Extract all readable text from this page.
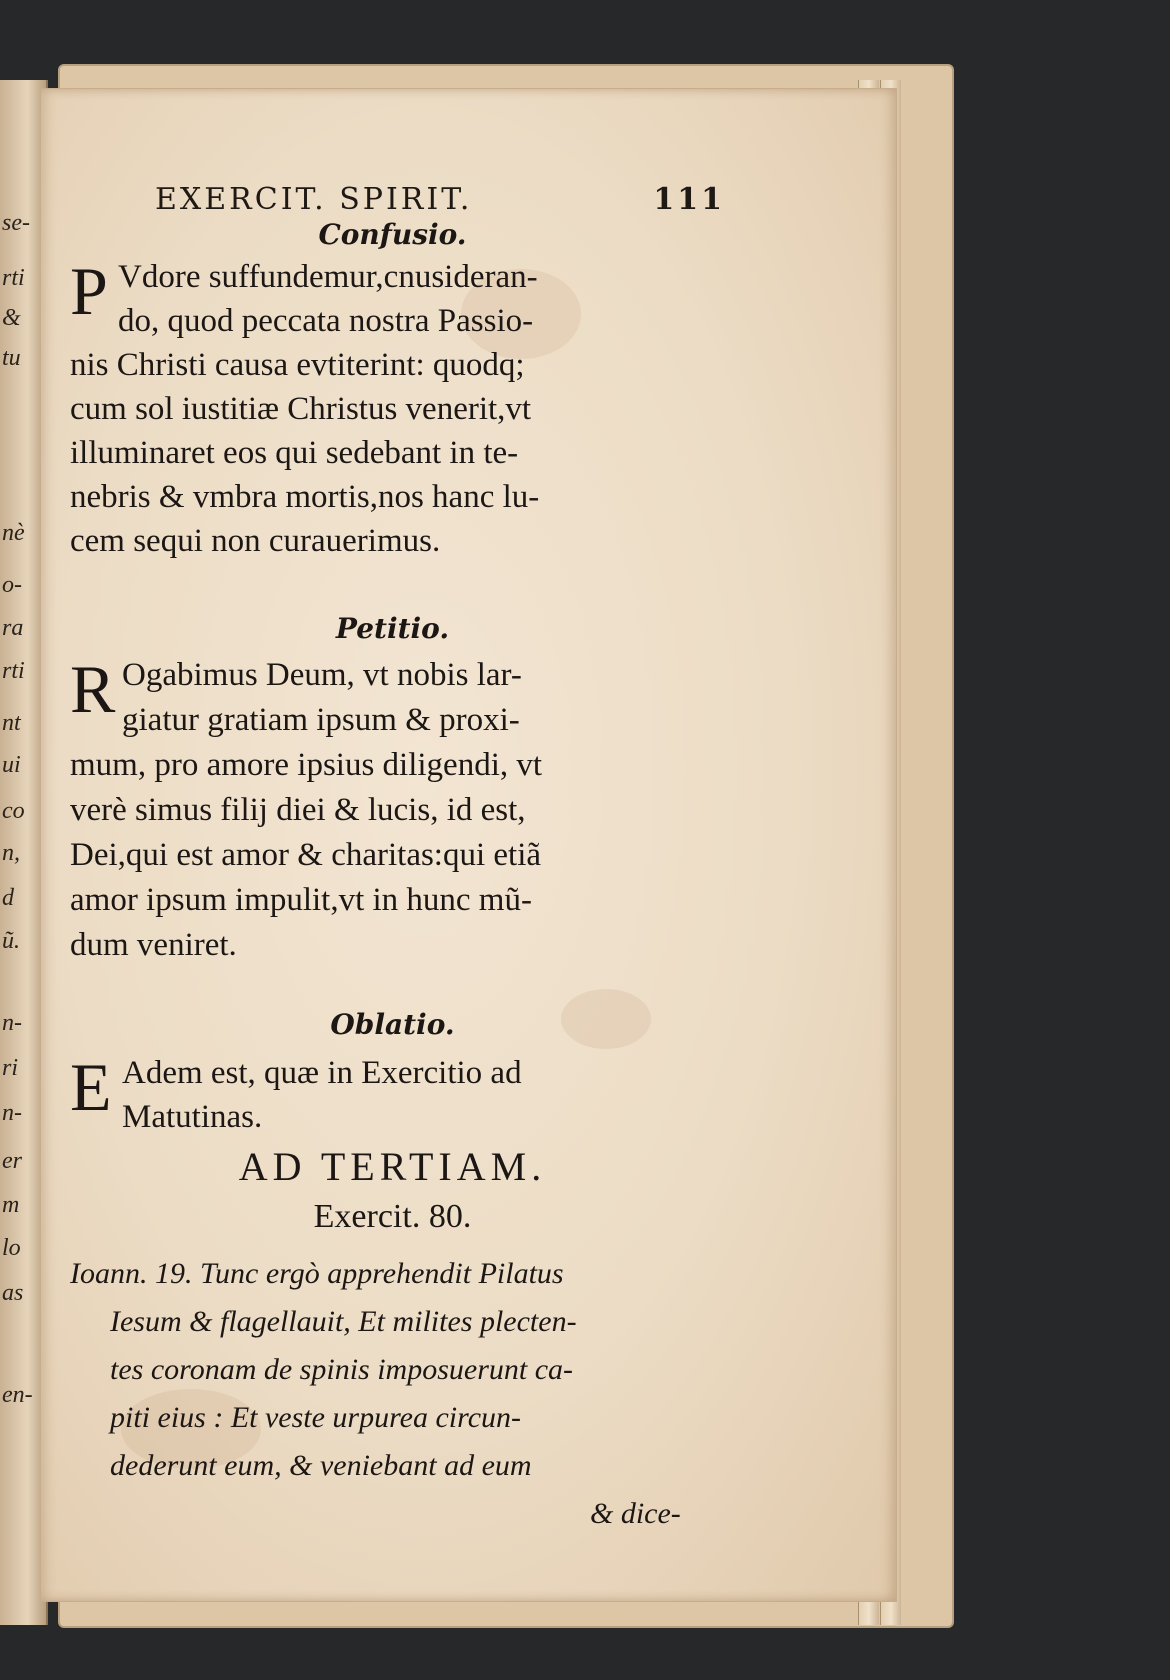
se-
rti
&
tu
nè
o-
ra
rti
nt
ui
co
n,
d
ũ.
n-
ri
n-
er
m
lo
as
en-
EXERCIT. SPIRIT.	111
Confusio.
P Vdore suffundemur,cnusideran-
do, quod peccata nostra Passio-
nis Christi causa evtiterint: quodq;
cum sol iustitiæ Christus venerit,vt
illuminaret eos qui sedebant in te-
nebris & vmbra mortis,nos hanc lu-
cem sequi non curauerimus.
Petitio.
R Ogabimus Deum, vt nobis lar-
giatur gratiam ipsum & proxi-
mum, pro amore ipsius diligendi, vt
verè simus filij diei & lucis, id est,
Dei,qui est amor & charitas:qui etiã
amor ipsum impulit,vt in hunc mũ-
dum veniret.
Oblatio.
E Adem est, quæ in Exercitio ad
Matutinas.
AD TERTIAM.
Exercit. 80.
Ioann. 19. Tunc ergò apprehendit Pilatus
Iesum & flagellauit, Et milites plecten-
tes coronam de spinis imposuerunt ca-
piti eius : Et veste urpurea circun-
dederunt eum, & veniebant ad eum
& dice-
